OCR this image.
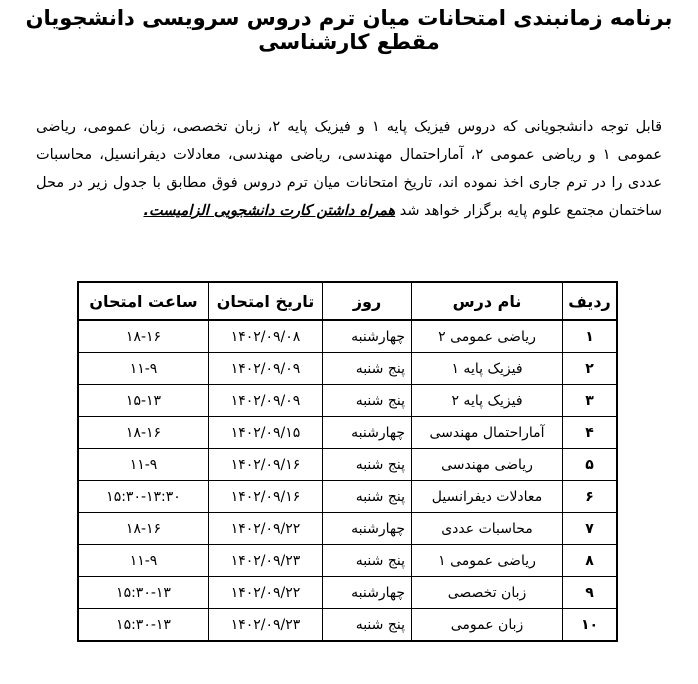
برنامه زمانبندی امتحانات میان ترم دروس سرویسی دانشجویان مقطع کارشناسی
قابل توجه دانشجویانی که دروس فیزیک پایه ۱ و فیزیک پایه ۲، زبان تخصصی، زبان عمومی، ریاضی عمومی ۱ و ریاضی عمومی ۲، آماراحتمال مهندسی، ریاضی مهندسی، معادلات دیفرانسیل، محاسبات عددی را در ترم جاری اخذ نموده اند، تاریخ امتحانات میان ترم دروس فوق مطابق با جدول زیر در محل ساختمان مجتمع علوم پایه برگزار خواهد شد همراه داشتن کارت دانشجویی الزامیست.
ردیف	نام درس	روز	تاریخ امتحان	ساعت امتحان
۱	ریاضی عمومی ۲	چهارشنبه	۱۴۰۲/۰۹/۰۸	۱۸-۱۶
۲	فیزیک پایه ۱	پنج شنبه	۱۴۰۲/۰۹/۰۹	۱۱-۹
۳	فیزیک پایه ۲	پنج شنبه	۱۴۰۲/۰۹/۰۹	۱۵-۱۳
۴	آماراحتمال مهندسی	چهارشنبه	۱۴۰۲/۰۹/۱۵	۱۸-۱۶
۵	ریاضی مهندسی	پنج شنبه	۱۴۰۲/۰۹/۱۶	۱۱-۹
۶	معادلات دیفرانسیل	پنج شنبه	۱۴۰۲/۰۹/۱۶	۱۵:۳۰-۱۳:۳۰
۷	محاسبات عددی	چهارشنبه	۱۴۰۲/۰۹/۲۲	۱۸-۱۶
۸	ریاضی عمومی ۱	پنج شنبه	۱۴۰۲/۰۹/۲۳	۱۱-۹
۹	زبان تخصصی	چهارشنبه	۱۴۰۲/۰۹/۲۲	۱۵:۳۰-۱۳
۱۰	زبان عمومی	پنج شنبه	۱۴۰۲/۰۹/۲۳	۱۵:۳۰-۱۳
